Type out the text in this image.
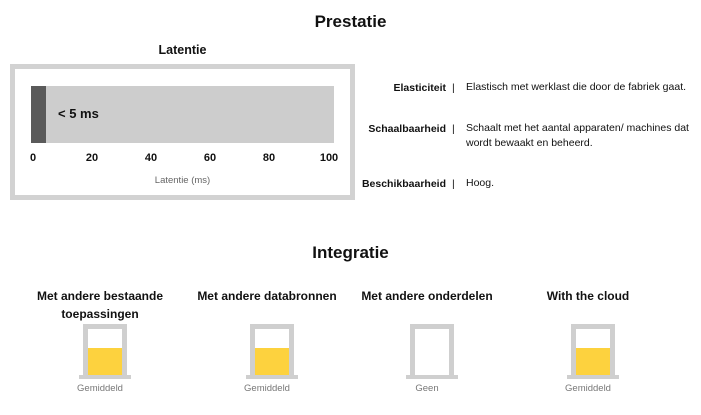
Prestatie
Latentie
< 5 ms
0	20	40	60	80	100
Latentie (ms)
Elasticiteit | Elastisch met werklast die door de fabriek gaat.
Schaalbaarheid | Schaalt met het aantal apparaten/ machines dat wordt bewaakt en beheerd.
Beschikbaarheid | Hoog.
Integratie
Met andere bestaande toepassingen
Gemiddeld
Met andere databronnen
Gemiddeld
Met andere onderdelen
Geen
With the cloud
Gemiddeld
